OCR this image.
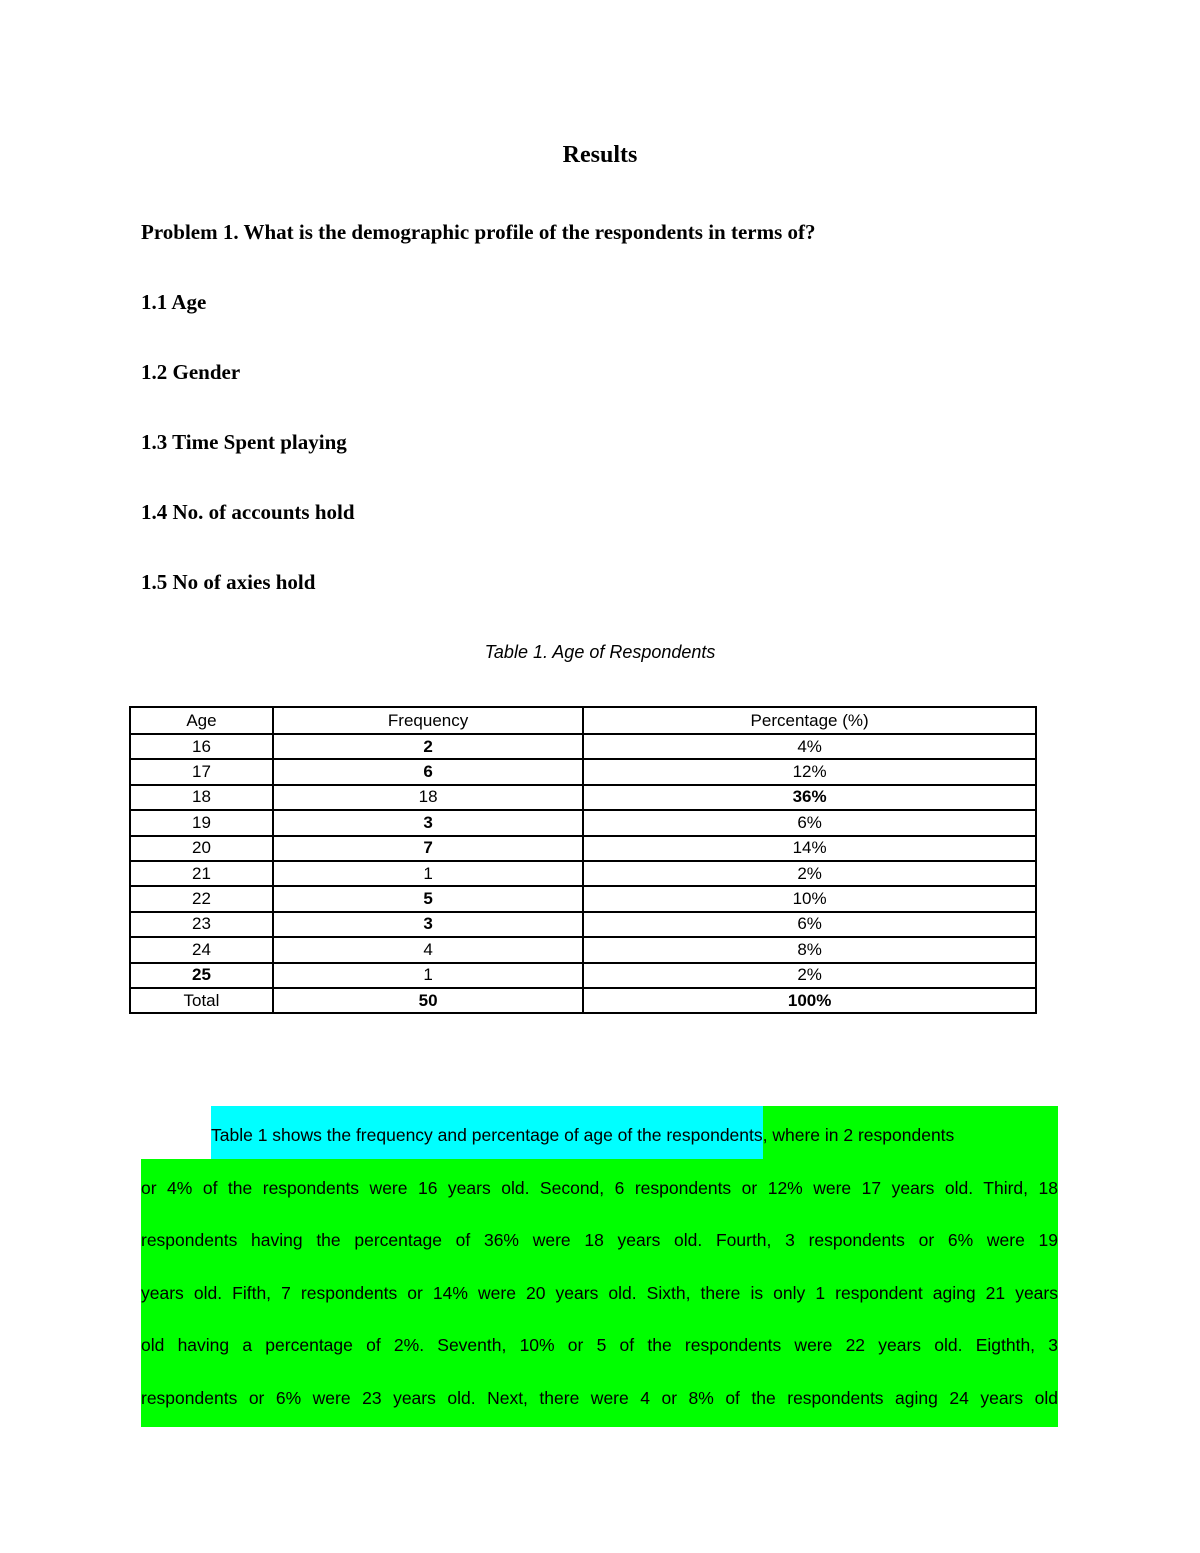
Results
Problem 1. What is the demographic profile of the respondents in terms of?
1.1 Age
1.2 Gender
1.3 Time Spent playing
1.4 No. of accounts hold
1.5 No of axies hold
Table 1. Age of Respondents
Age	Frequency	Percentage (%)
16	2	4%
17	6	12%
18	18	36%
19	3	6%
20	7	14%
21	1	2%
22	5	10%
23	3	6%
24	4	8%
25	1	2%
Total	50	100%
Table 1 shows the frequency and percentage of age of the respondents , where in 2 respondents
or 4% of the respondents were 16 years old. Second, 6 respondents or 12% were 17 years old. Third, 18
respondents having the percentage of 36% were 18 years old. Fourth, 3 respondents or 6% were 19
years old. Fifth, 7 respondents or 14% were 20 years old. Sixth, there is only 1 respondent aging 21 years
old having a percentage of 2%. Seventh, 10% or 5 of the respondents were 22 years old. Eigthth, 3
respondents or 6% were 23 years old. Next, there were 4 or 8% of the respondents aging 24 years old
